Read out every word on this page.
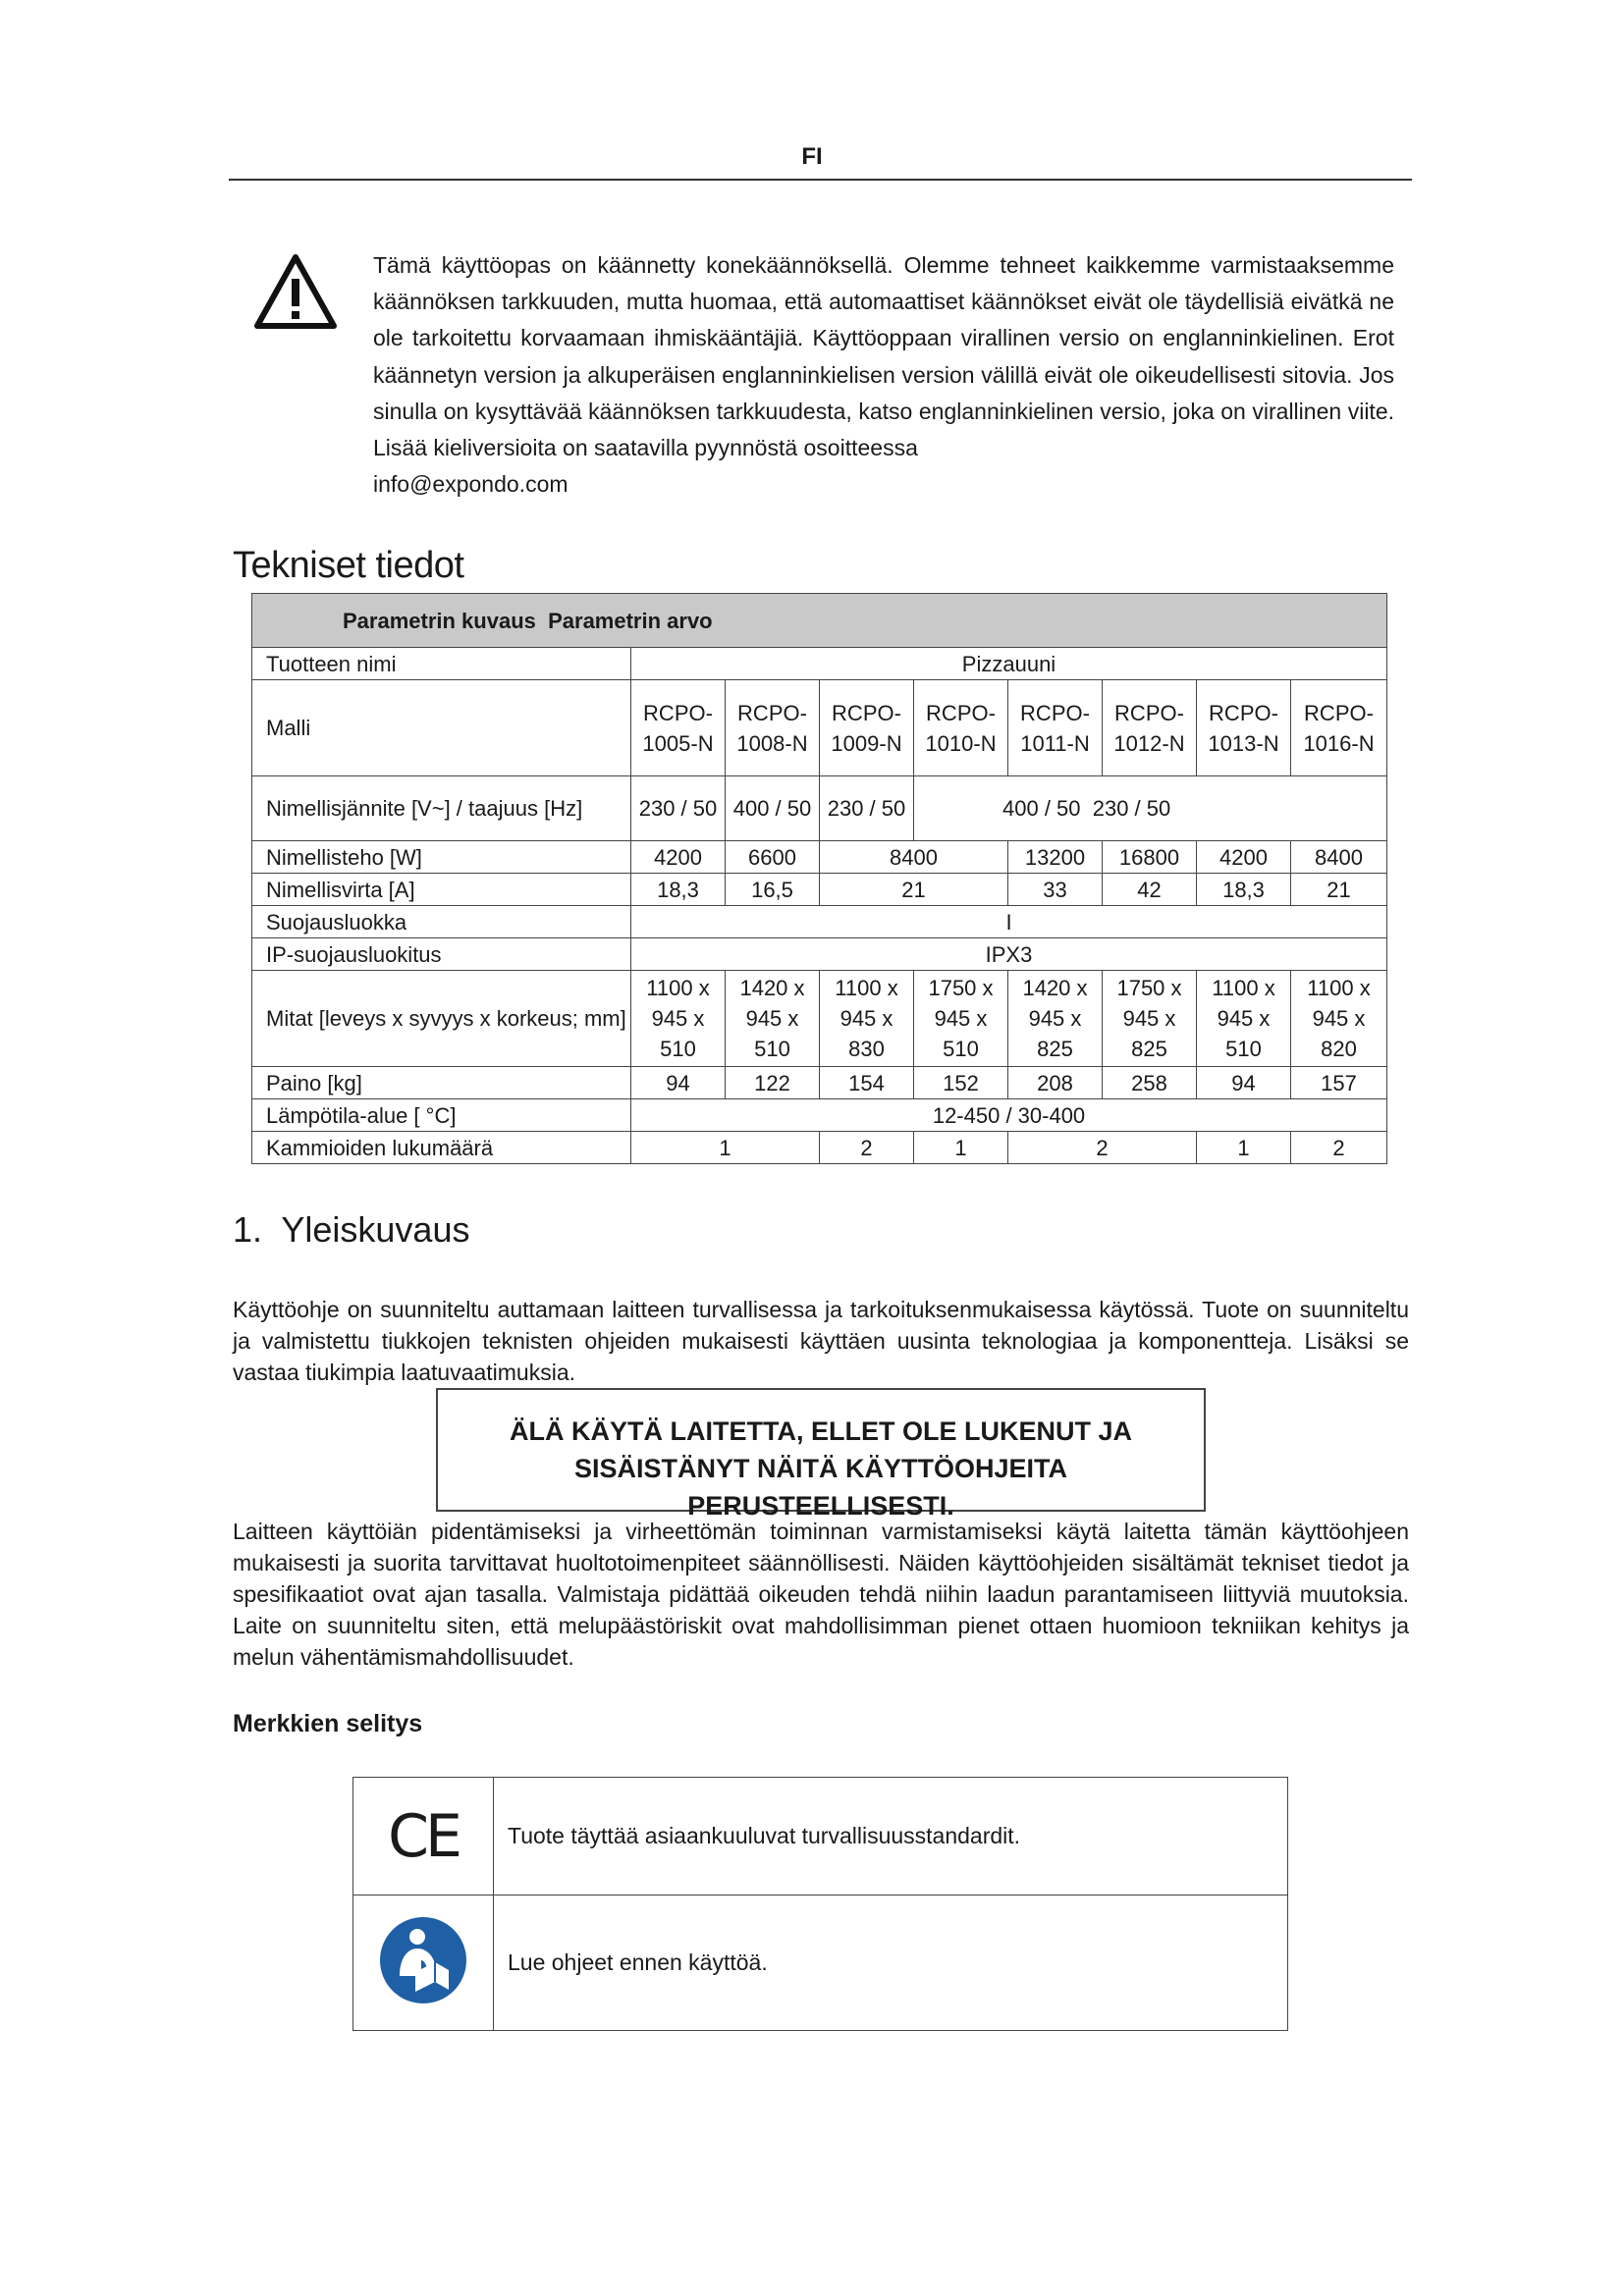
FI

Tämä käyttöopas on käännetty konekäännöksellä. Olemme tehneet kaikkemme varmistaaksemme käännöksen tarkkuuden, mutta huomaa, että automaattiset käännökset eivät ole täydellisiä eivätkä ne ole tarkoitettu korvaamaan ihmiskääntäjiä. Käyttöoppaan virallinen versio on englanninkielinen. Erot käännetyn version ja alkuperäisen englanninkielisen version välillä eivät ole oikeudellisesti sitovia. Jos sinulla on kysyttävää käännöksen tarkkuudesta, katso englanninkielinen versio, joka on virallinen viite. Lisää kieliversioita on saatavilla pyynnöstä osoitteessa

info@expondo.com

Tekniset tiedot
Parametrin kuvaus  Parametrin arvo								
Tuotteen nimi	Pizzauuni							
Malli	RCPO-1005-N	RCPO-1008-N	RCPO-1009-N	RCPO-1010-N	RCPO-1011-N	RCPO-1012-N	RCPO-1013-N	RCPO-1016-N
Nimellisjännite [V~] / taajuus [Hz]	230 / 50	400 / 50	230 / 50	400 / 50  230 / 50				
Nimellisteho [W]	4200	6600	8400		13200	16800	4200	8400
Nimellisvirta [A]	18,3	16,5	21		33	42	18,3	21
Suojausluokka	I							
IP-suojausluokitus	IPX3							
Mitat [leveys x syvyys x korkeus; mm]	1100 x 945 x 510	1420 x 945 x 510	1100 x 945 x 830	1750 x 945 x 510	1420 x 945 x 825	1750 x 945 x 825	1100 x 945 x 510	1100 x 945 x 820
Paino [kg]	94	122	154	152	208	258	94	157
Lämpötila-alue [ °C]	12-450 / 30-400							
Kammioiden lukumäärä	1		2	1	2		1	2
1.  Yleiskuvaus

Käyttöohje on suunniteltu auttamaan laitteen turvallisessa ja tarkoituksenmukaisessa käytössä. Tuote on suunniteltu ja valmistettu tiukkojen teknisten ohjeiden mukaisesti käyttäen uusinta teknologiaa ja komponentteja. Lisäksi se vastaa tiukimpia laatuvaatimuksia.

ÄLÄ KÄYTÄ LAITETTA, ELLET OLE LUKENUT JA
SISÄISTÄNYT NÄITÄ KÄYTTÖOHJEITA PERUSTEELLISESTI.

Laitteen käyttöiän pidentämiseksi ja virheettömän toiminnan varmistamiseksi käytä laitetta tämän käyttöohjeen mukaisesti ja suorita tarvittavat huoltotoimenpiteet säännöllisesti. Näiden käyttöohjeiden sisältämät tekniset tiedot ja spesifikaatiot ovat ajan tasalla. Valmistaja pidättää oikeuden tehdä niihin laadun parantamiseen liittyviä muutoksia. Laite on suunniteltu siten, että melupäästöriskit ovat mahdollisimman pienet ottaen huomioon tekniikan kehitys ja melun vähentämismahdollisuudet.

Merkkien selitys
CE	Tuote täyttää asiaankuuluvat turvallisuusstandardit.
	Lue ohjeet ennen käyttöä.
